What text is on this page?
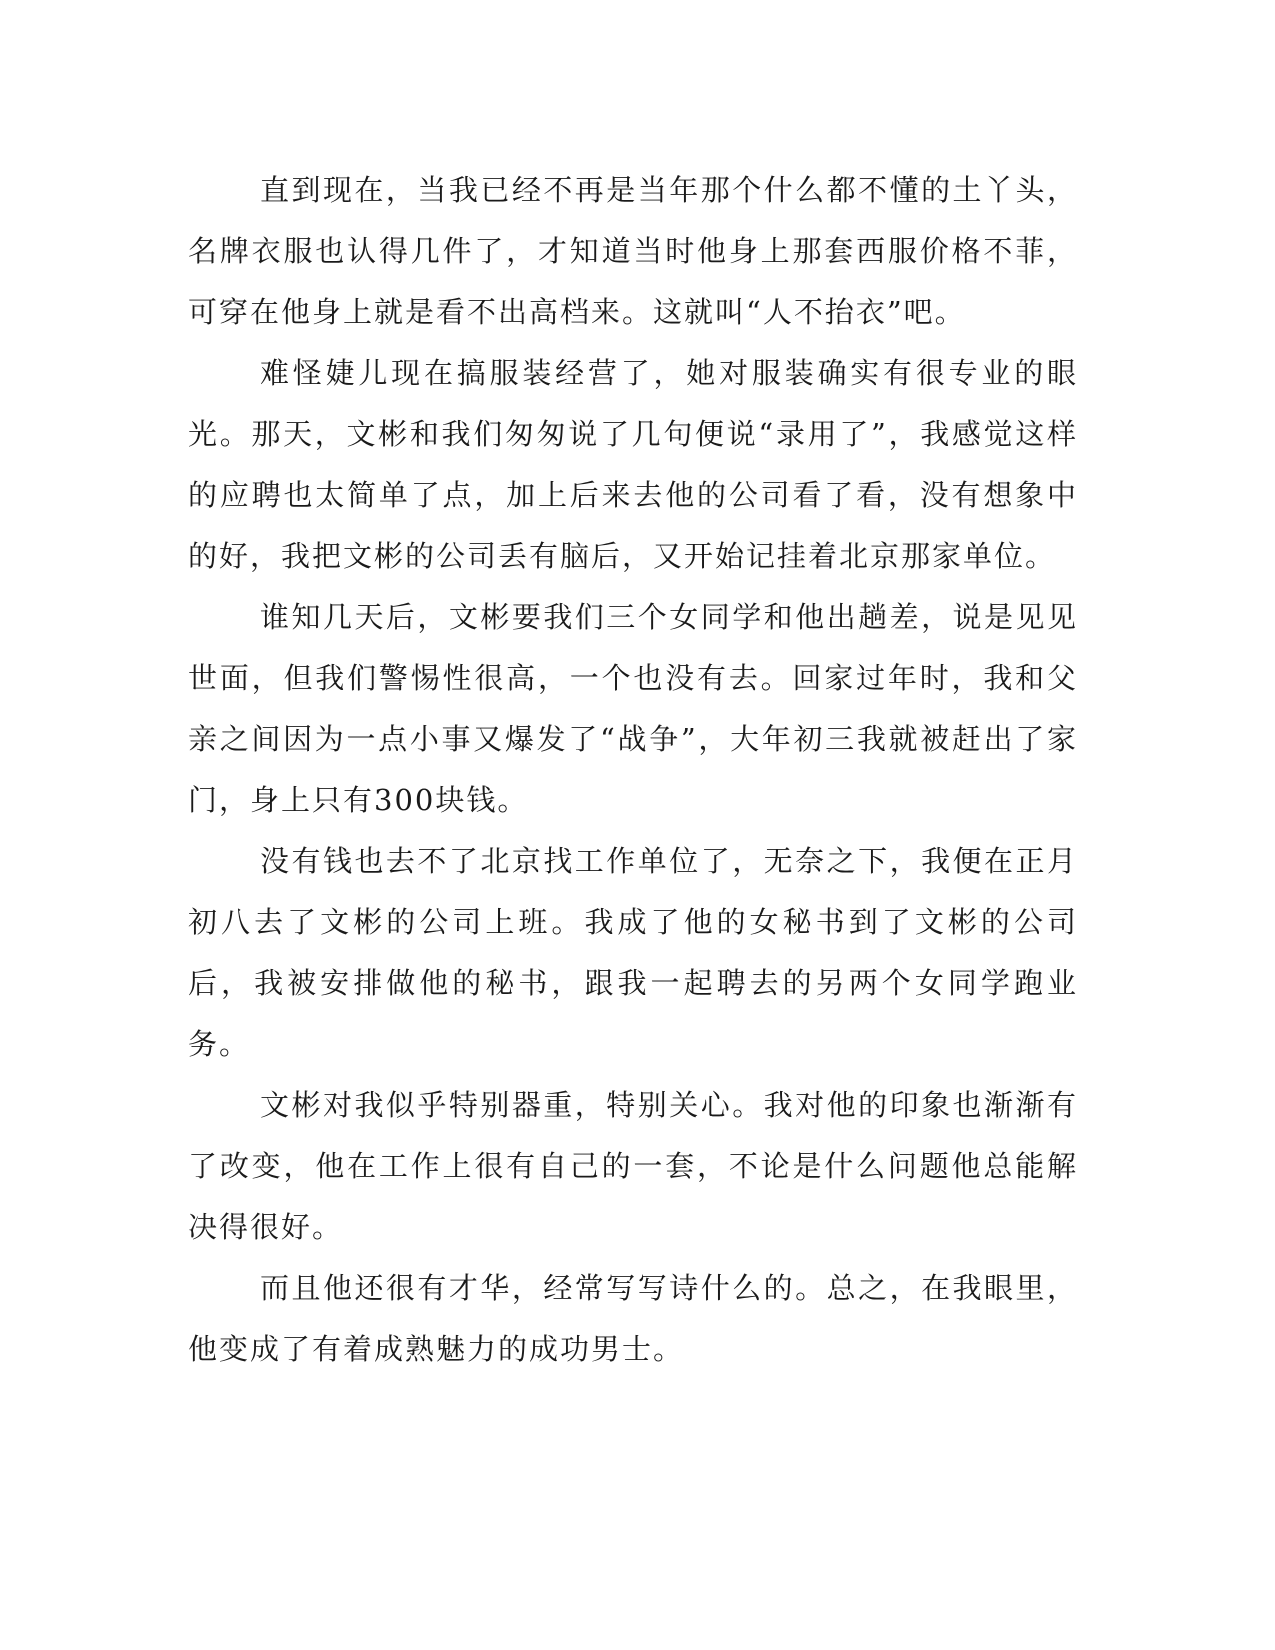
直到现在，当我已经不再是当年那个什么都不懂的土丫头，名牌衣服也认得几件了，才知道当时他身上那套西服价格不菲，可穿在他身上就是看不出高档来。这就叫“人不抬衣”吧。

难怪婕儿现在搞服装经营了，她对服装确实有很专业的眼光。那天，文彬和我们匆匆说了几句便说“录用了”，我感觉这样的应聘也太简单了点，加上后来去他的公司看了看，没有想象中的好，我把文彬的公司丢有脑后，又开始记挂着北京那家单位。

谁知几天后，文彬要我们三个女同学和他出趟差，说是见见世面，但我们警惕性很高，一个也没有去。回家过年时，我和父亲之间因为一点小事又爆发了“战争”，大年初三我就被赶出了家门，身上只有300块钱。

没有钱也去不了北京找工作单位了，无奈之下，我便在正月初八去了文彬的公司上班。我成了他的女秘书到了文彬的公司后，我被安排做他的秘书，跟我一起聘去的另两个女同学跑业务。

文彬对我似乎特别器重，特别关心。我对他的印象也渐渐有了改变，他在工作上很有自己的一套，不论是什么问题他总能解决得很好。

而且他还很有才华，经常写写诗什么的。总之，在我眼里，他变成了有着成熟魅力的成功男士。
